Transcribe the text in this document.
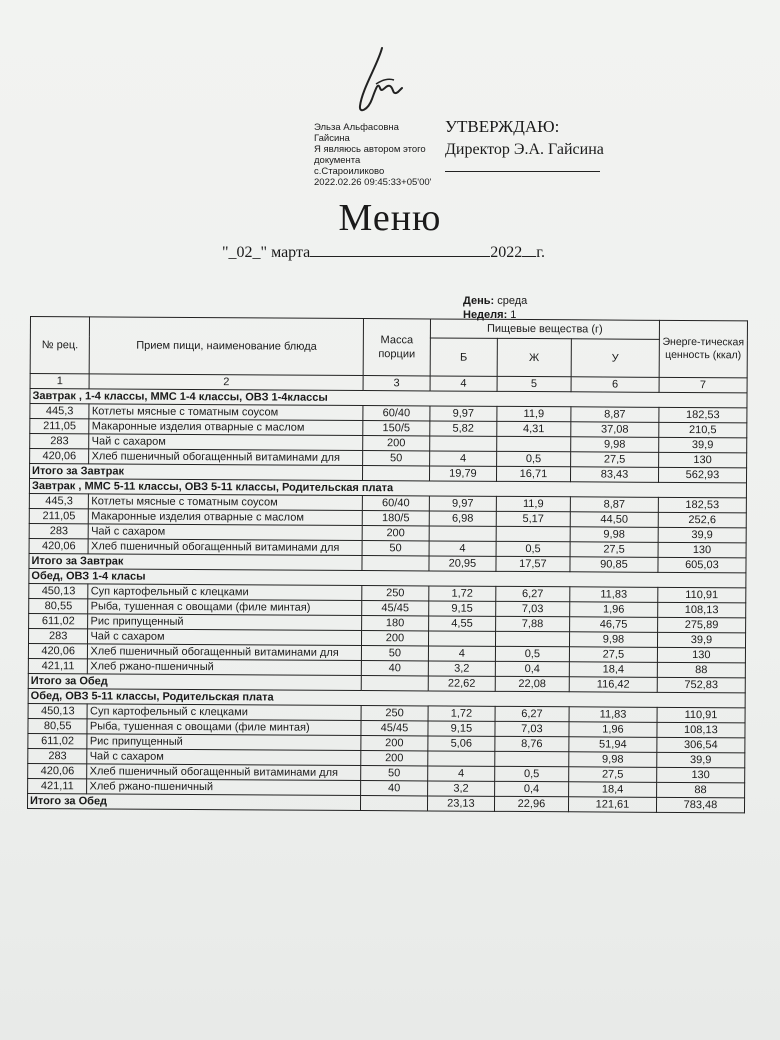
Эльза Альфасовна
Гайсина
Я являюсь автором этого
документа
с.Староиликово
2022.02.26 09:45:33+05'00'
УТВЕРЖДАЮ:
Директор Э.А. Гайсина
Меню
"_02_" марта	2022 г.
День: среда
Неделя: 1
№ рец.	Прием пищи, наименование блюда	Масса порции	Пищевые вещества (г)			Энерге-тическая ценность (ккал)
			Б	Ж	У	
1	2	3	4	5	6	7
Завтрак , 1-4 классы, ММС 1-4 классы, ОВЗ 1-4классы						
445,3	Котлеты мясные с томатным соусом	60/40	9,97	11,9	8,87	182,53
211,05	Макаронные изделия отварные с маслом	150/5	5,82	4,31	37,08	210,5
283	Чай с сахаром	200			9,98	39,9
420,06	Хлеб пшеничный обогащенный витаминами для	50	4	0,5	27,5	130
Итого за Завтрак			19,79	16,71	83,43	562,93
Завтрак , ММС 5-11 классы, ОВЗ 5-11 классы, Родительская плата						
445,3	Котлеты мясные с томатным соусом	60/40	9,97	11,9	8,87	182,53
211,05	Макаронные изделия отварные с маслом	180/5	6,98	5,17	44,50	252,6
283	Чай с сахаром	200			9,98	39,9
420,06	Хлеб пшеничный обогащенный витаминами для	50	4	0,5	27,5	130
Итого за Завтрак			20,95	17,57	90,85	605,03
Обед, ОВЗ 1-4 класы						
450,13	Суп картофельный с клецками	250	1,72	6,27	11,83	110,91
80,55	Рыба, тушенная с овощами (филе минтая)	45/45	9,15	7,03	1,96	108,13
611,02	Рис припущенный	180	4,55	7,88	46,75	275,89
283	Чай с сахаром	200			9,98	39,9
420,06	Хлеб пшеничный обогащенный витаминами для	50	4	0,5	27,5	130
421,11	Хлеб ржано-пшеничный	40	3,2	0,4	18,4	88
Итого за Обед			22,62	22,08	116,42	752,83
Обед, ОВЗ 5-11 классы, Родительская плата						
450,13	Суп картофельный с клецками	250	1,72	6,27	11,83	110,91
80,55	Рыба, тушенная с овощами (филе минтая)	45/45	9,15	7,03	1,96	108,13
611,02	Рис припущенный	200	5,06	8,76	51,94	306,54
283	Чай с сахаром	200			9,98	39,9
420,06	Хлеб пшеничный обогащенный витаминами для	50	4	0,5	27,5	130
421,11	Хлеб ржано-пшеничный	40	3,2	0,4	18,4	88
Итого за Обед			23,13	22,96	121,61	783,48
